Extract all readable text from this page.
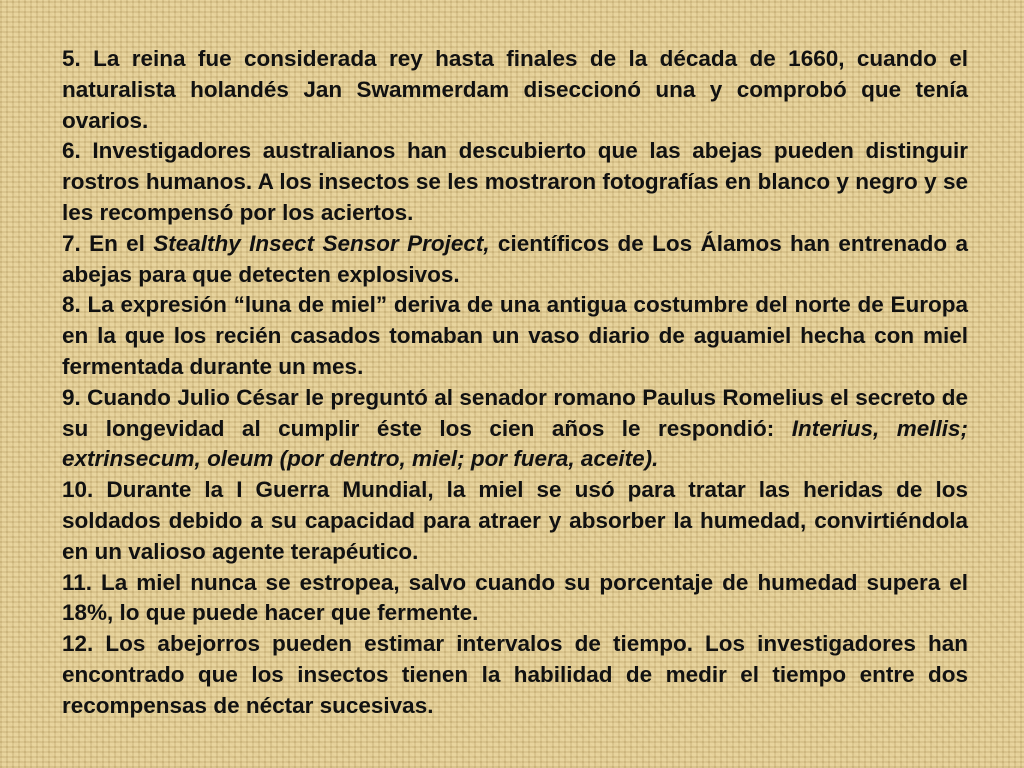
5. La reina fue considerada rey hasta finales de la década de 1660, cuando el naturalista holandés Jan Swammerdam diseccionó una y comprobó que tenía ovarios.

6. Investigadores australianos han descubierto que las abejas pueden distinguir rostros humanos. A los insectos se les mostraron fotografías en blanco y negro y se les recompensó por los aciertos.

7. En el Stealthy Insect Sensor Project, científicos de Los Álamos han entrenado a abejas para que detecten explosivos.

8. La expresión “luna de miel” deriva de una antigua costumbre del norte de Europa en la que los recién casados tomaban un vaso diario de aguamiel hecha con miel fermentada durante un mes.

9. Cuando Julio César le preguntó al senador romano Paulus Romelius el secreto de su longevidad al cumplir éste los cien años le respondió: Interius, mellis; extrinsecum, oleum (por dentro, miel; por fuera, aceite).

10. Durante la I Guerra Mundial, la miel se usó para tratar las heridas de los soldados debido a su capacidad para atraer y absorber la humedad, convirtiéndola en un valioso agente terapéutico.

11. La miel nunca se estropea, salvo cuando su porcentaje de humedad supera el 18%, lo que puede hacer que fermente.

12. Los abejorros pueden estimar intervalos de tiempo. Los investigadores han encontrado que los insectos tienen la habilidad de medir el tiempo entre dos recompensas de néctar sucesivas.
